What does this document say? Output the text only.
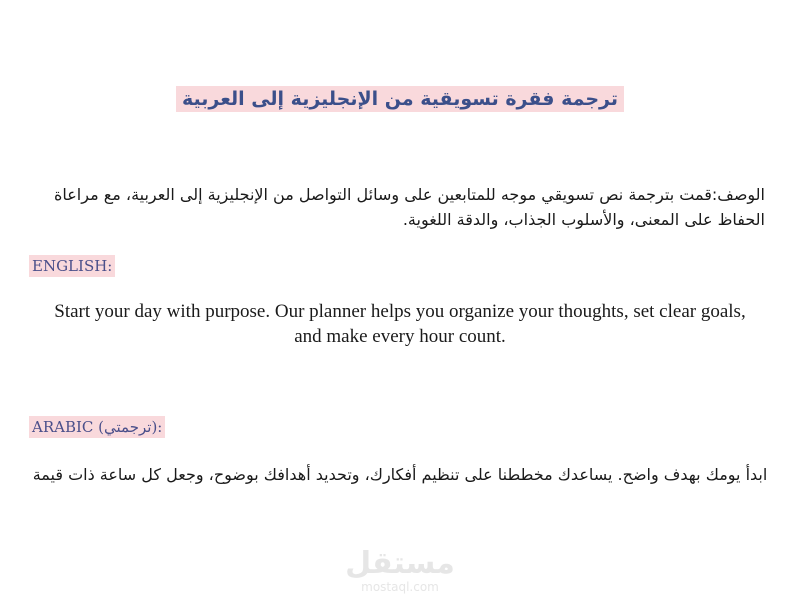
ترجمة فقرة تسويقية من الإنجليزية إلى العربية
الوصف:قمت بترجمة نص تسويقي موجه للمتابعين على وسائل التواصل من الإنجليزية إلى العربية، مع مراعاة الحفاظ على المعنى، والأسلوب الجذاب، والدقة اللغوية.
ENGLISH:
Start your day with purpose. Our planner helps you organize your thoughts, set clear goals, and make every hour count.
ARABIC (ترجمتي):
ابدأ يومك بهدف واضح. يساعدك مخططنا على تنظيم أفكارك، وتحديد أهدافك بوضوح، وجعل كل ساعة ذات قيمة
مستقل
mostaql.com
